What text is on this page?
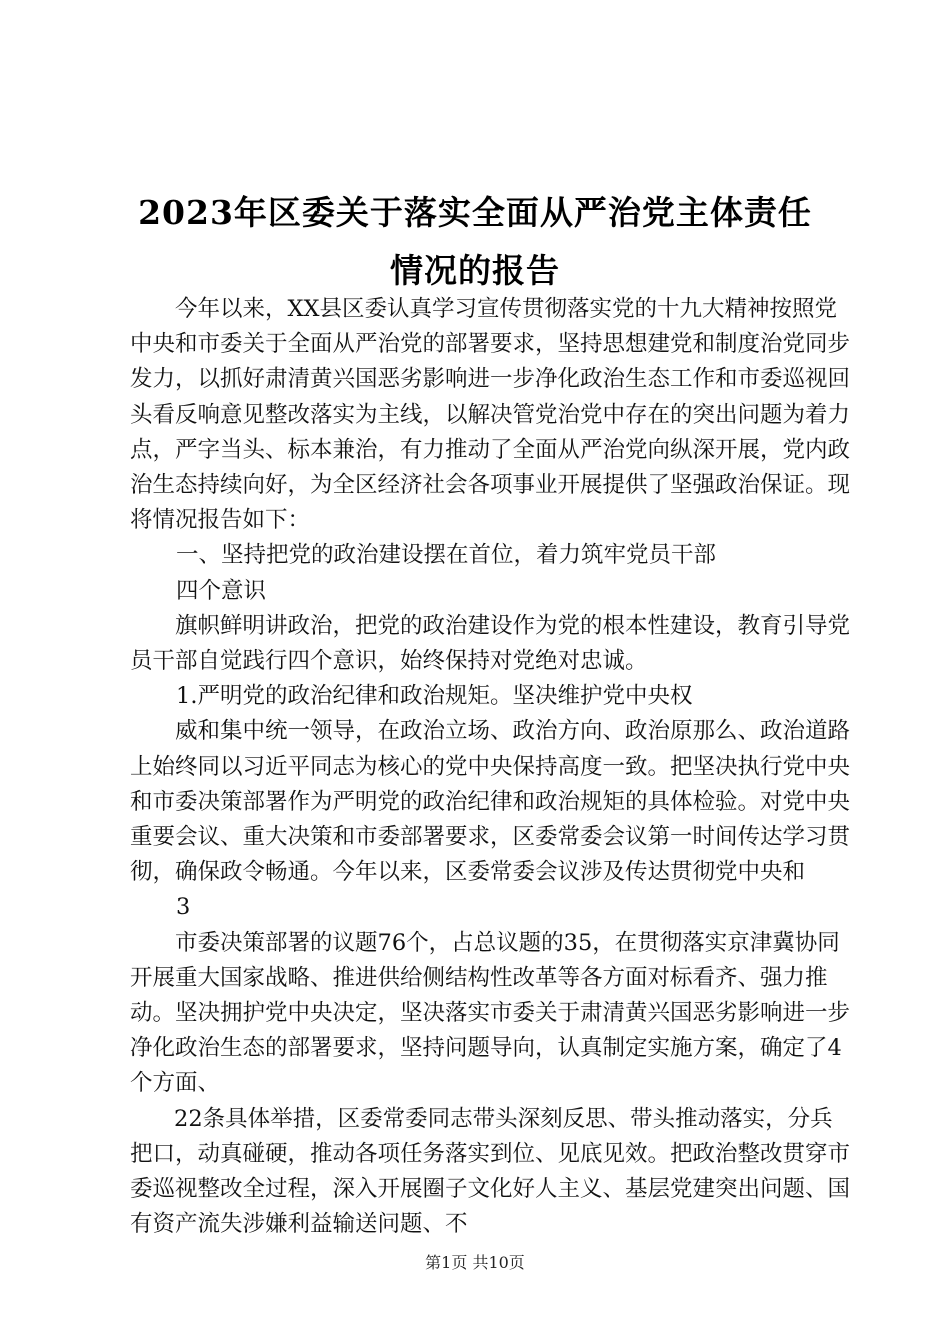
2023年区委关于落实全面从严治党主体责任
情况的报告

今年以来，XX县区委认真学习宣传贯彻落实党的十九大精神按照党中央和市委关于全面从严治党的部署要求，坚持思想建党和制度治党同步发力，以抓好肃清黄兴国恶劣影响进一步净化政治生态工作和市委巡视回头看反响意见整改落实为主线，以解决管党治党中存在的突出问题为着力点，严字当头、标本兼治，有力推动了全面从严治党向纵深开展，党内政治生态持续向好，为全区经济社会各项事业开展提供了坚强政治保证。现将情况报告如下：

一、坚持把党的政治建设摆在首位，着力筑牢党员干部

四个意识

旗帜鲜明讲政治，把党的政治建设作为党的根本性建设，教育引导党员干部自觉践行四个意识，始终保持对党绝对忠诚。

1.严明党的政治纪律和政治规矩。坚决维护党中央权

威和集中统一领导，在政治立场、政治方向、政治原那么、政治道路上始终同以习近平同志为核心的党中央保持高度一致。把坚决执行党中央和市委决策部署作为严明党的政治纪律和政治规矩的具体检验。对党中央重要会议、重大决策和市委部署要求，区委常委会议第一时间传达学习贯彻，确保政令畅通。今年以来，区委常委会议涉及传达贯彻党中央和

3

市委决策部署的议题76个，占总议题的35，在贯彻落实京津冀协同开展重大国家战略、推进供给侧结构性改革等各方面对标看齐、强力推动。坚决拥护党中央决定，坚决落实市委关于肃清黄兴国恶劣影响进一步净化政治生态的部署要求，坚持问题导向，认真制定实施方案，确定了4个方面、

22条具体举措，区委常委同志带头深刻反思、带头推动落实，分兵把口，动真碰硬，推动各项任务落实到位、见底见效。把政治整改贯穿市委巡视整改全过程，深入开展圈子文化好人主义、基层党建突出问题、国有资产流失涉嫌利益输送问题、不

第1页 共10页
